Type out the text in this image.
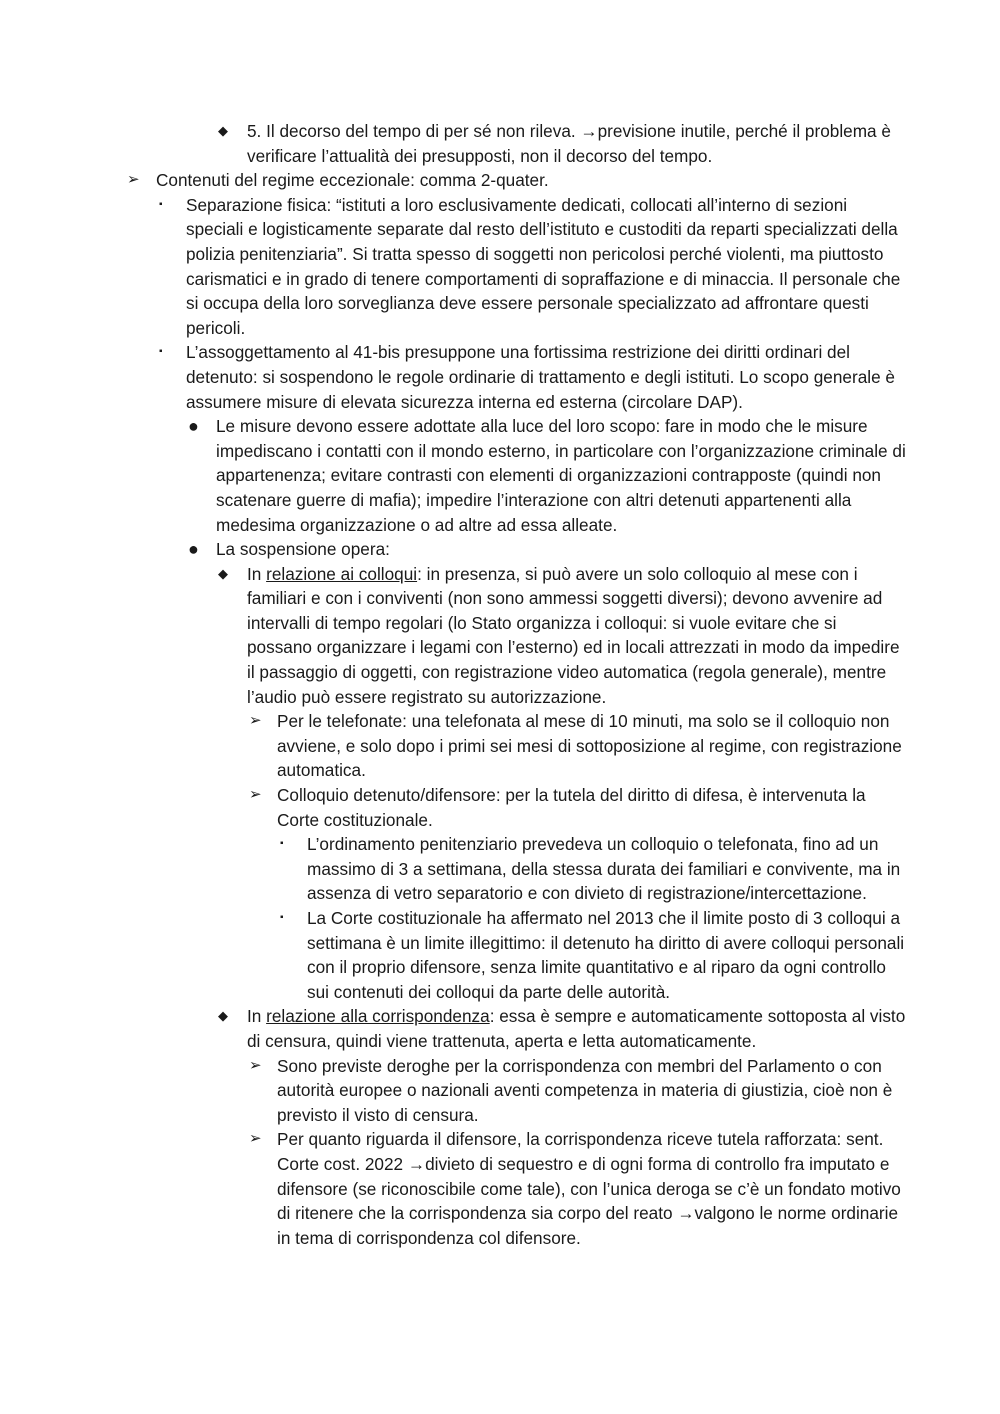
◆ 5. Il decorso del tempo di per sé non rileva. →previsione inutile, perché il problema è verificare l’attualità dei presupposti, non il decorso del tempo.

➢ Contenuti del regime eccezionale: comma 2-quater.

▪ Separazione fisica: “istituti a loro esclusivamente dedicati, collocati all’interno di sezioni speciali e logisticamente separate dal resto dell’istituto e custoditi da reparti specializzati della polizia penitenziaria”. Si tratta spesso di soggetti non pericolosi perché violenti, ma piuttosto carismatici e in grado di tenere comportamenti di sopraffazione e di minaccia. Il personale che si occupa della loro sorveglianza deve essere personale specializzato ad affrontare questi pericoli.

▪ L’assoggettamento al 41-bis presuppone una fortissima restrizione dei diritti ordinari del detenuto: si sospendono le regole ordinarie di trattamento e degli istituti. Lo scopo generale è assumere misure di elevata sicurezza interna ed esterna (circolare DAP).

● Le misure devono essere adottate alla luce del loro scopo: fare in modo che le misure impediscano i contatti con il mondo esterno, in particolare con l’organizzazione criminale di appartenenza; evitare contrasti con elementi di organizzazioni contrapposte (quindi non scatenare guerre di mafia); impedire l’interazione con altri detenuti appartenenti alla medesima organizzazione o ad altre ad essa alleate.

● La sospensione opera:

◆ In relazione ai colloqui: in presenza, si può avere un solo colloquio al mese con i familiari e con i conviventi (non sono ammessi soggetti diversi); devono avvenire ad intervalli di tempo regolari (lo Stato organizza i colloqui: si vuole evitare che si possano organizzare i legami con l’esterno) ed in locali attrezzati in modo da impedire il passaggio di oggetti, con registrazione video automatica (regola generale), mentre l’audio può essere registrato su autorizzazione.

➢ Per le telefonate: una telefonata al mese di 10 minuti, ma solo se il colloquio non avviene, e solo dopo i primi sei mesi di sottoposizione al regime, con registrazione automatica.

➢ Colloquio detenuto/difensore: per la tutela del diritto di difesa, è intervenuta la Corte costituzionale.

▪ L’ordinamento penitenziario prevedeva un colloquio o telefonata, fino ad un massimo di 3 a settimana, della stessa durata dei familiari e convivente, ma in assenza di vetro separatorio e con divieto di registrazione/intercettazione.

▪ La Corte costituzionale ha affermato nel 2013 che il limite posto di 3 colloqui a settimana è un limite illegittimo: il detenuto ha diritto di avere colloqui personali con il proprio difensore, senza limite quantitativo e al riparo da ogni controllo sui contenuti dei colloqui da parte delle autorità.

◆ In relazione alla corrispondenza: essa è sempre e automaticamente sottoposta al visto di censura, quindi viene trattenuta, aperta e letta automaticamente.

➢ Sono previste deroghe per la corrispondenza con membri del Parlamento o con autorità europee o nazionali aventi competenza in materia di giustizia, cioè non è previsto il visto di censura.

➢ Per quanto riguarda il difensore, la corrispondenza riceve tutela rafforzata: sent. Corte cost. 2022 →divieto di sequestro e di ogni forma di controllo fra imputato e difensore (se riconoscibile come tale), con l’unica deroga se c’è un fondato motivo di ritenere che la corrispondenza sia corpo del reato →valgono le norme ordinarie in tema di corrispondenza col difensore.
